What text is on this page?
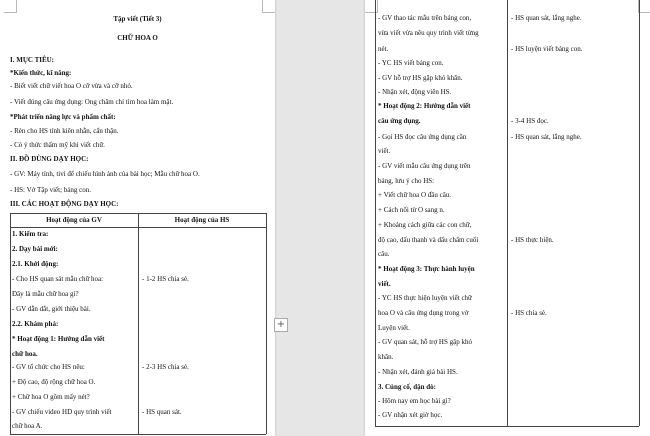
Tập viết (Tiết 3)
CHỮ HOA O
I. MỤC TIÊU:
*Kiến thức, kĩ năng:
- Biết viết chữ viết hoa O cỡ vừa và cỡ nhỏ.
- Viết đúng câu ứng dụng: Ong chăm chỉ tìm hoa làm mật.
*Phát triển năng lực và phẩm chất:
- Rèn cho HS tính kiên nhẫn, cẩn thận.
- Có ý thức thẩm mỹ khi viết chữ.
II. ĐỒ DÙNG DẠY HỌC:
- GV: Máy tính, tivi để chiếu hình ảnh của bài học; Mẫu chữ hoa O.
- HS: Vở Tập viết; bảng con.
III. CÁC HOẠT ĐỘNG DẠY HỌC:
Hoạt động của GV	Hoạt động của HS
1. Kiểm tra:
2. Dạy bài mới:
2.1. Khởi động:
- Cho HS quan sát mẫu chữ hoa:
Đây là mẫu chữ hoa gì?
- GV dẫn dắt, giới thiệu bài.
2.2. Khám phá:
* Hoạt động 1: Hướng dẫn viết
chữ hoa.
- GV tổ chức cho HS nêu:
+ Độ cao, độ rộng chữ hoa O.
+ Chữ hoa O gồm mấy nét?
- GV chiếu video HD quy trình viết
chữ hoa A.
- 1-2 HS chia sẻ.
- 2-3 HS chia sẻ.
- HS quan sát.
+
- GV thao tác mẫu trên bảng con,
vừa viết vừa nêu quy trình viết từng
nét.
- YC HS viết bảng con.
- GV hỗ trợ HS gặp khó khăn.
- Nhận xét, động viên HS.
* Hoạt động 2: Hướng dẫn viết
câu ứng dụng.
- Gọi HS đọc câu ứng dụng cần
viết.
- GV viết mẫu câu ứng dụng trên
bảng, lưu ý cho HS:
+ Viết chữ hoa O đầu câu.
+ Cách nối từ O sang n.
+ Khoảng cách giữa các con chữ,
độ cao, dấu thanh và dấu chấm cuối
câu.
* Hoạt động 3: Thực hành luyện
viết.
- YC HS thực hiện luyện viết chữ
hoa O và câu ứng dụng trong vở
Luyện viết.
- GV quan sát, hỗ trợ HS gặp khó
khăn.
- Nhận xét, đánh giá bài HS.
3. Củng cố, dặn dò:
- Hôm nay em học bài gì?
- GV nhận xét giờ học.
- HS quan sát, lắng nghe.
- HS luyện viết bảng con.
- 3-4 HS đọc.
- HS quan sát, lắng nghe.
- HS thực hiện.
- HS chia sẻ.
